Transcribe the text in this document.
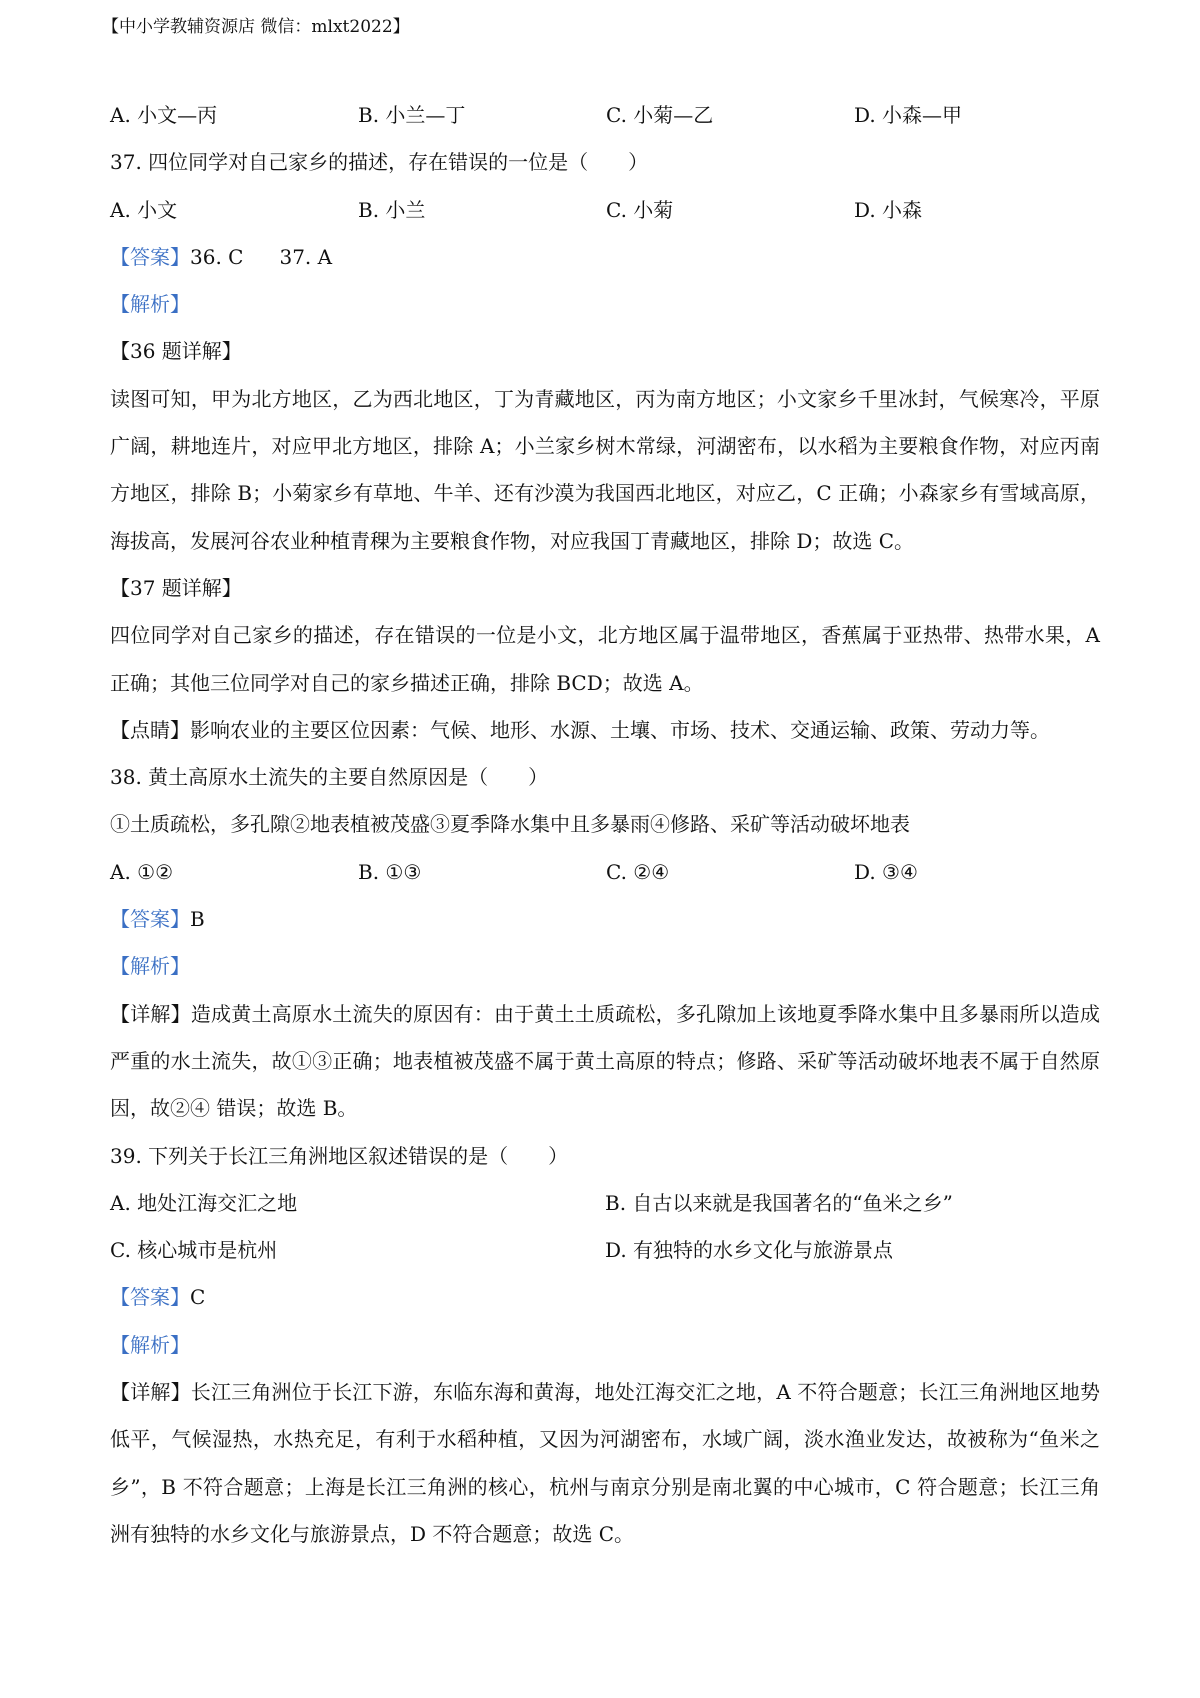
【中小学教辅资源店 微信：mlxt2022】
A. 小文—丙	B. 小兰—丁	C. 小菊—乙	D. 小森—甲
37. 四位同学对自己家乡的描述，存在错误的一位是（　　）
A. 小文	B. 小兰	C. 小菊	D. 小森
【答案】36. C 37. A
【解析】
【36 题详解】
读图可知，甲为北方地区，乙为西北地区，丁为青藏地区，丙为南方地区；小文家乡千里冰封，气候寒冷，平原广阔，耕地连片，对应甲北方地区，排除 A；小兰家乡树木常绿，河湖密布，以水稻为主要粮食作物，对应丙南方地区，排除 B；小菊家乡有草地、牛羊、还有沙漠为我国西北地区，对应乙，C 正确；小森家乡有雪域高原，海拔高，发展河谷农业种植青稞为主要粮食作物，对应我国丁青藏地区，排除 D；故选 C。
【37 题详解】
四位同学对自己家乡的描述，存在错误的一位是小文，北方地区属于温带地区，香蕉属于亚热带、热带水果，A 正确；其他三位同学对自己的家乡描述正确，排除 BCD；故选 A。
【点睛】影响农业的主要区位因素：气候、地形、水源、土壤、市场、技术、交通运输、政策、劳动力等。
38. 黄土高原水土流失的主要自然原因是（　　）
①土质疏松，多孔隙②地表植被茂盛③夏季降水集中且多暴雨④修路、采矿等活动破坏地表
A. ①②	B. ①③	C. ②④	D. ③④
【答案】B
【解析】
【详解】造成黄土高原水土流失的原因有：由于黄土土质疏松，多孔隙加上该地夏季降水集中且多暴雨所以造成严重的水土流失，故①③正确；地表植被茂盛不属于黄土高原的特点；修路、采矿等活动破坏地表不属于自然原因，故②④ 错误；故选 B。
39. 下列关于长江三角洲地区叙述错误的是（　　）
A. 地处江海交汇之地	B. 自古以来就是我国著名的“鱼米之乡”
C. 核心城市是杭州	D. 有独特的水乡文化与旅游景点
【答案】C
【解析】
【详解】长江三角洲位于长江下游，东临东海和黄海，地处江海交汇之地，A 不符合题意；长江三角洲地区地势低平，气候湿热，水热充足，有利于水稻种植，又因为河湖密布，水域广阔，淡水渔业发达，故被称为“鱼米之乡”，B 不符合题意；上海是长江三角洲的核心，杭州与南京分别是南北翼的中心城市，C 符合题意；长江三角洲有独特的水乡文化与旅游景点，D 不符合题意；故选 C。
